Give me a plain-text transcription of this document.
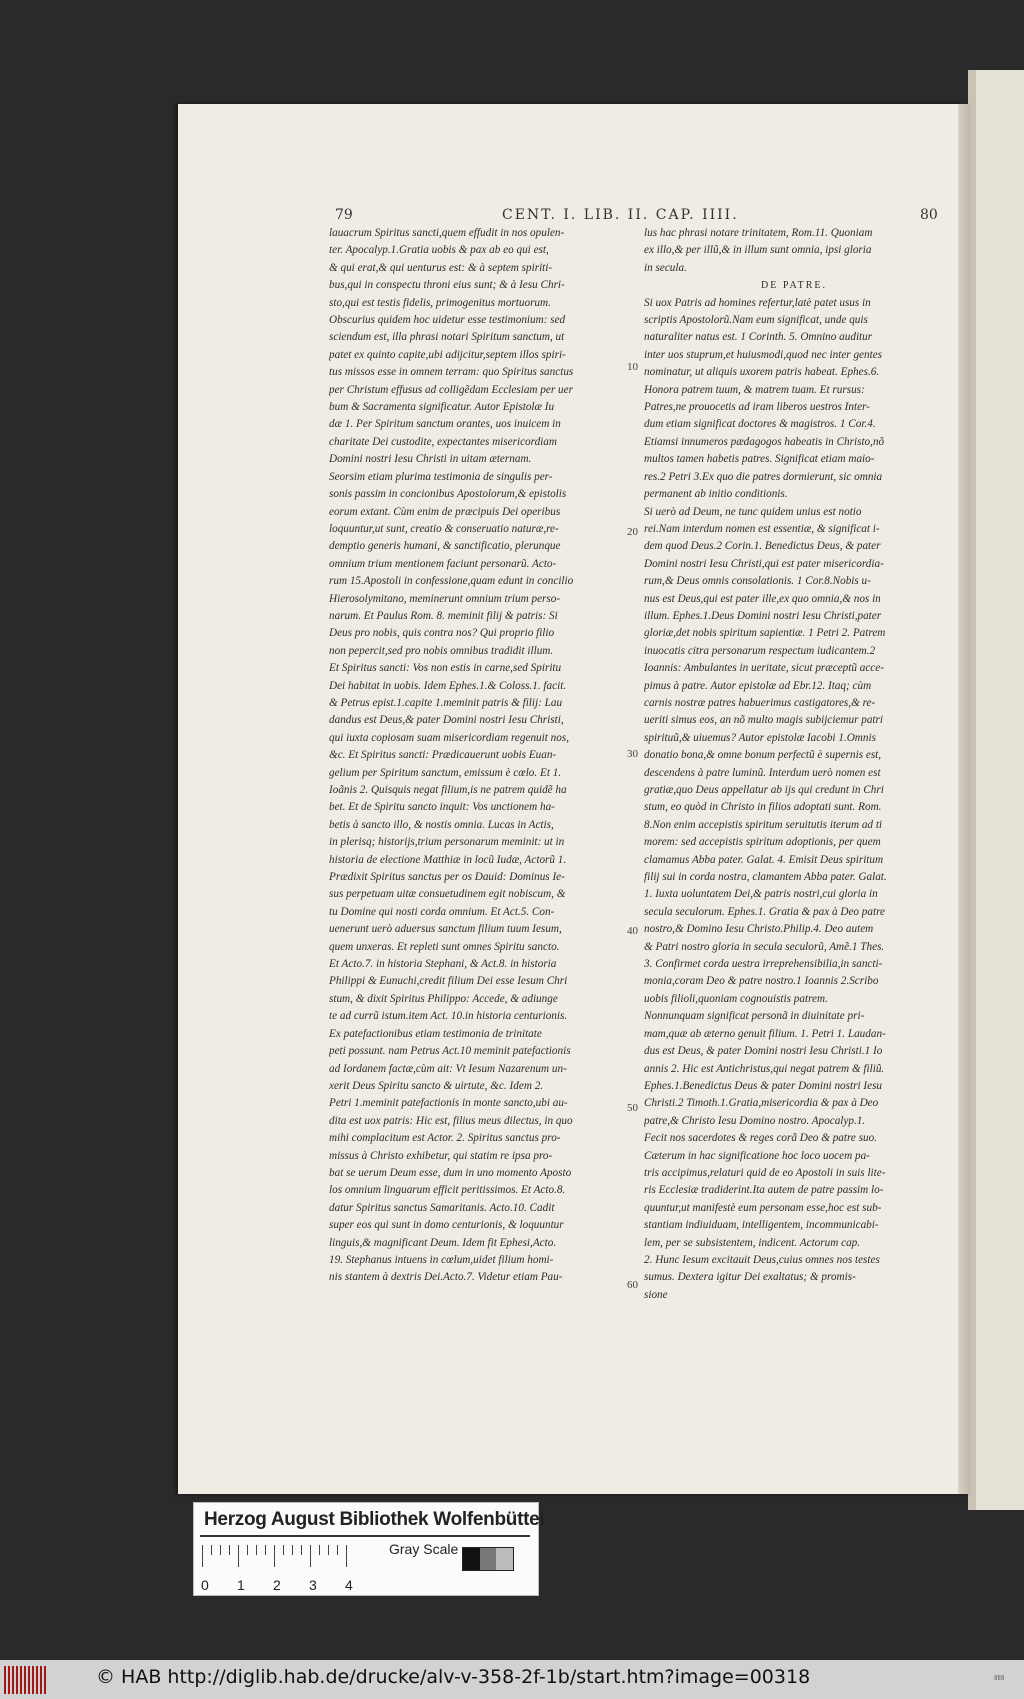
79	CENT. I. LIB. II. CAP. IIII.	80

lauacrum Spiritus sancti,quem effudit in nos opulen-

ter. Apocalyp.1.Gratia uobis & pax ab eo qui est,

& qui erat,& qui uenturus est: & à septem spiriti-

bus,qui in conspectu throni eius sunt; & à Iesu Chri-

sto,qui est testis fidelis, primogenitus mortuorum.

Obscurius quidem hoc uidetur esse testimonium: sed

sciendum est, illa phrasi notari Spiritum sanctum, ut

patet ex quinto capite,ubi adijcitur,septem illos spiri-

tus missos esse in omnem terram: quo Spiritus sanctus

per Christum effusus ad colligẽdam Ecclesiam per uer

bum & Sacramenta significatur. Autor Epistolæ Iu

dæ 1. Per Spiritum sanctum orantes, uos inuicem in

charitate Dei custodite, expectantes misericordiam

Domini nostri Iesu Christi in uitam æternam.

Seorsim etiam plurima testimonia de singulis per-

sonis passim in concionibus Apostolorum,& epistolis

eorum extant. Cùm enim de præcipuis Dei operibus

loquuntur,ut sunt, creatio & conseruatio naturæ,re-

demptio generis humani, & sanctificatio, plerunque

omnium trium mentionem faciunt personarũ. Acto-

rum 15.Apostoli in confessione,quam edunt in concilio

Hierosolymitano, meminerunt omnium trium perso-

narum. Et Paulus Rom. 8. meminit filij & patris: Si

Deus pro nobis, quis contra nos? Qui proprio filio

non pepercit,sed pro nobis omnibus tradidit illum.

Et Spiritus sancti: Vos non estis in carne,sed Spiritu

Dei habitat in uobis. Idem Ephes.1.& Coloss.1. facit.

& Petrus epist.1.capite 1.meminit patris & filij: Lau

dandus est Deus,& pater Domini nostri Iesu Christi,

qui iuxta copiosam suam misericordiam regenuit nos,

&c. Et Spiritus sancti: Prædicauerunt uobis Euan-

gelium per Spiritum sanctum, emissum è cœlo. Et 1.

Ioãnis 2. Quisquis negat filium,is ne patrem quidẽ ha

bet. Et de Spiritu sancto inquit: Vos unctionem ha-

betis à sancto illo, & nostis omnia. Lucas in Actis,

in plerisq; historijs,trium personarum meminit: ut in

historia de electione Matthiæ in locũ Iudæ, Actorũ 1.

Prædixit Spiritus sanctus per os Dauid: Dominus Ie-

sus perpetuam uitæ consuetudinem egit nobiscum, &

tu Domine qui nosti corda omnium. Et Act.5. Con-

uenerunt uerò aduersus sanctum filium tuum Iesum,

quem unxeras. Et repleti sunt omnes Spiritu sancto.

Et Acto.7. in historia Stephani, & Act.8. in historia

Philippi & Eunuchi,credit filium Dei esse Iesum Chri

stum, & dixit Spiritus Philippo: Accede, & adiunge

te ad currũ istum.item Act. 10.in historia centurionis.

Ex patefactionibus etiam testimonia de trinitate

peti possunt. nam Petrus Act.10 meminit patefactionis

ad Iordanem factæ,cùm ait: Vt Iesum Nazarenum un-

xerit Deus Spiritu sancto & uirtute, &c. Idem 2.

Petri 1.meminit patefactionis in monte sancto,ubi au-

dita est uox patris: Hic est, filius meus dilectus, in quo

mihi complacitum est Actor. 2. Spiritus sanctus pro-

missus à Christo exhibetur, qui statim re ipsa pro-

bat se uerum Deum esse, dum in uno momento Aposto

los omnium linguarum efficit peritissimos. Et Acto.8.

datur Spiritus sanctus Samaritanis. Acto.10. Cadit

super eos qui sunt in domo centurionis, & loquuntur

linguis,& magnificant Deum. Idem fit Ephesi,Acto.

19. Stephanus intuens in cœlum,uidet filium homi-

nis stantem à dextris Dei.Acto.7. Videtur etiam Pau-

lus hac phrasi notare trinitatem, Rom.11. Quoniam

ex illo,& per illũ,& in illum sunt omnia, ipsi gloria

in secula.

DE PATRE.

Si uox Patris ad homines refertur,latè patet usus in

scriptis Apostolorũ.Nam eum significat, unde quis

naturaliter natus est. 1 Corinth. 5. Omnino auditur

inter uos stuprum,et huiusmodi,quod nec inter gentes

nominatur, ut aliquis uxorem patris habeat. Ephes.6.

Honora patrem tuum, & matrem tuam. Et rursus:

Patres,ne prouocetis ad iram liberos uestros Inter-

dum etiam significat doctores & magistros. 1 Cor.4.

Etiamsi innumeros pædagogos habeatis in Christo,nõ

multos tamen habetis patres. Significat etiam maio-

res.2 Petri 3.Ex quo die patres dormierunt, sic omnia

permanent ab initio conditionis.

Si uerò ad Deum, ne tunc quidem unius est notio

rei.Nam interdum nomen est essentiæ, & significat i-

dem quod Deus.2 Corin.1. Benedictus Deus, & pater

Domini nostri Iesu Christi,qui est pater misericordia-

rum,& Deus omnis consolationis. 1 Cor.8.Nobis u-

nus est Deus,qui est pater ille,ex quo omnia,& nos in

illum. Ephes.1.Deus Domini nostri Iesu Christi,pater

gloriæ,det nobis spiritum sapientiæ. 1 Petri 2. Patrem

inuocatis citra personarum respectum iudicantem.2

Ioannis: Ambulantes in ueritate, sicut præceptũ acce-

pimus à patre. Autor epistolæ ad Ebr.12. Itaq; cùm

carnis nostræ patres habuerimus castigatores,& re-

ueriti simus eos, an nõ multo magis subijciemur patri

spirituũ,& uiuemus? Autor epistolæ Iacobi 1.Omnis

donatio bona,& omne bonum perfectũ è supernis est,

descendens à patre luminũ. Interdum uerò nomen est

gratiæ,quo Deus appellatur ab ijs qui credunt in Chri

stum, eo quòd in Christo in filios adoptati sunt. Rom.

8.Non enim accepistis spiritum seruitutis iterum ad ti

morem: sed accepistis spiritum adoptionis, per quem

clamamus Abba pater. Galat. 4. Emisit Deus spiritum

filij sui in corda nostra, clamantem Abba pater. Galat.

1. Iuxta uoluntatem Dei,& patris nostri,cui gloria in

secula seculorum. Ephes.1. Gratia & pax à Deo patre

nostro,& Domino Iesu Christo.Philip.4. Deo autem

& Patri nostro gloria in secula seculorũ, Amẽ.1 Thes.

3. Confirmet corda uestra irreprehensibilia,in sancti-

monia,coram Deo & patre nostro.1 Ioannis 2.Scribo

uobis filioli,quoniam cognouistis patrem.

Nonnunquam significat personã in diuinitate pri-

mam,quæ ab æterno genuit filium. 1. Petri 1. Laudan-

dus est Deus, & pater Domini nostri Iesu Christi.1 Io

annis 2. Hic est Antichristus,qui negat patrem & filiũ.

Ephes.1.Benedictus Deus & pater Domini nostri Iesu

Christi.2 Timoth.1.Gratia,misericordia & pax à Deo

patre,& Christo Iesu Domino nostro. Apocalyp.1.

Fecit nos sacerdotes & reges corã Deo & patre suo.

Cæterum in hac significatione hoc loco uocem pa-

tris accipimus,relaturi quid de eo Apostoli in suis lite-

ris Ecclesiæ tradiderint.Ita autem de patre passim lo-

quuntur,ut manifestè eum personam esse,hoc est sub-

stantiam indiuiduam, intelligentem, incommunicabi-

lem, per se subsistentem, indicent. Actorum cap.

2. Hunc Iesum excitauit Deus,cuius omnes nos testes

sumus. Dextera igitur Dei exaltatus; & promis-

sione

10
20
30
40
50
60
Herzog August Bibliothek Wolfenbüttel
0 1 2 3 4
Gray Scale
© HAB http://diglib.hab.de/drucke/alv-v-358-2f-1b/start.htm?image=00318	ⅡⅡⅡ
